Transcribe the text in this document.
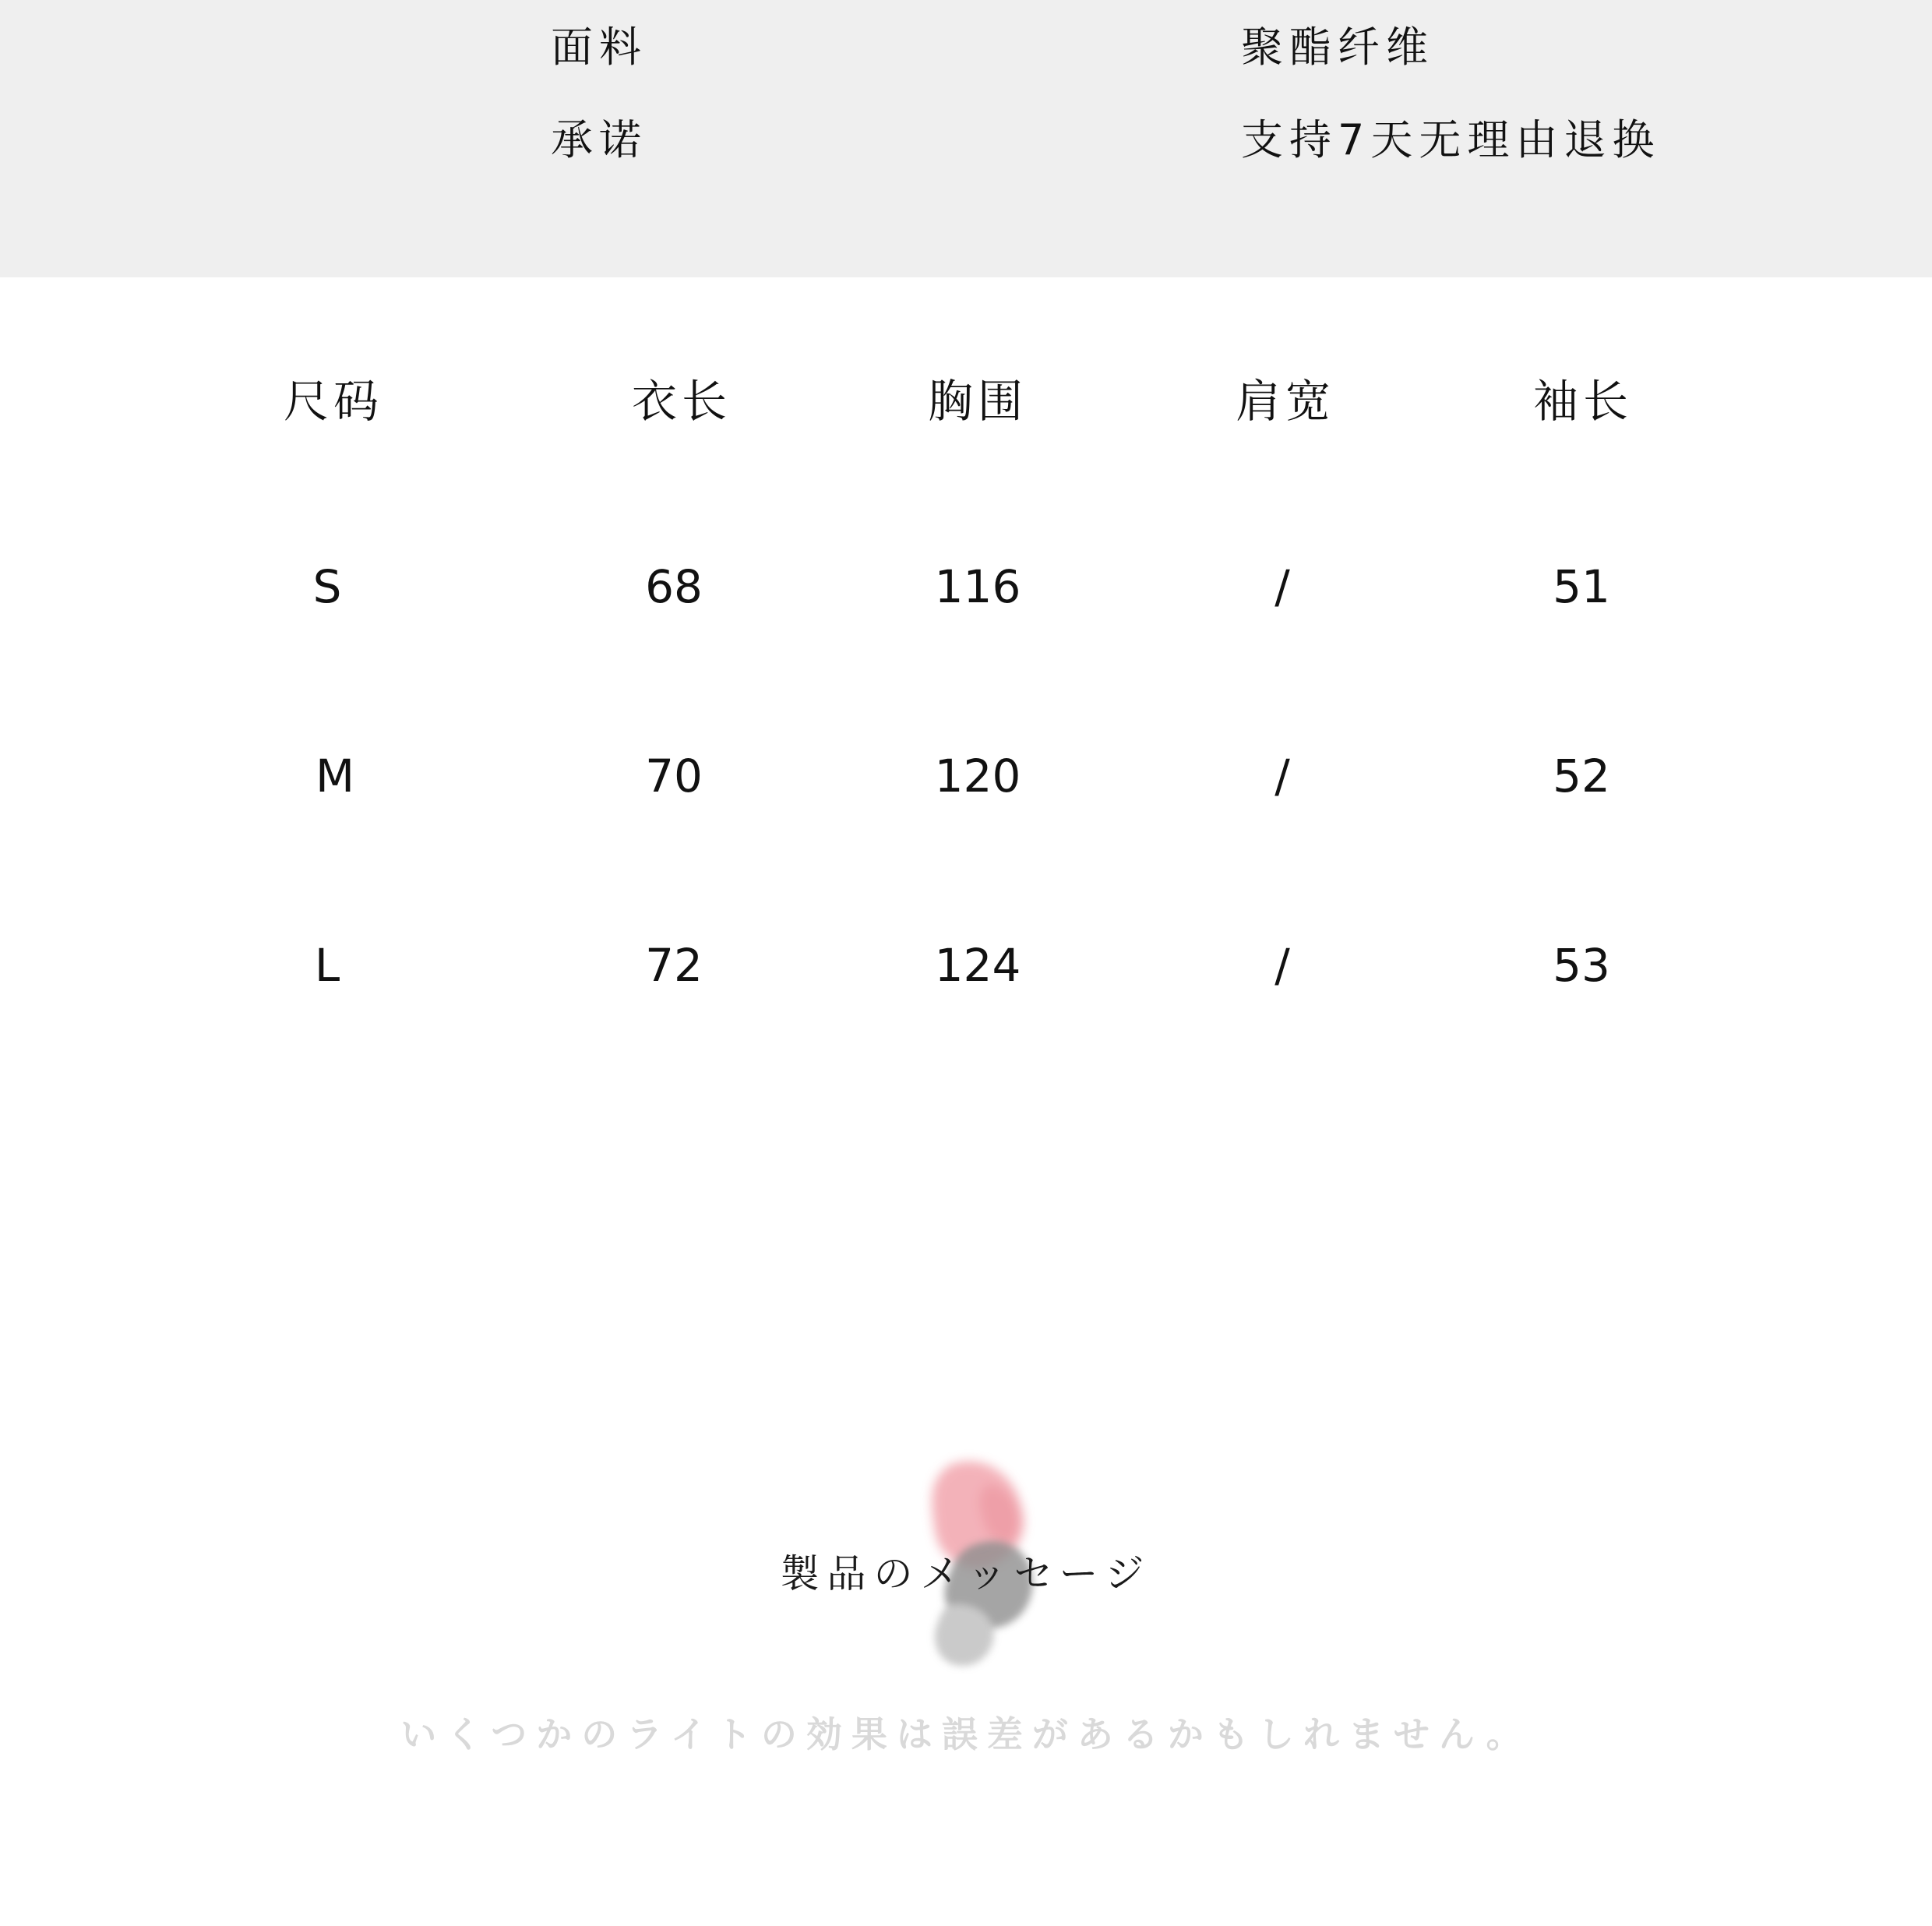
面料	聚酯纤维
承诺	支持7天无理由退换
尺码	衣长	胸围	肩宽	袖长
S	68	116	/	51
M	70	120	/	52
L	72	124	/	53
製品のメッセージ
いくつかのライトの効果は誤差があるかもしれません。
